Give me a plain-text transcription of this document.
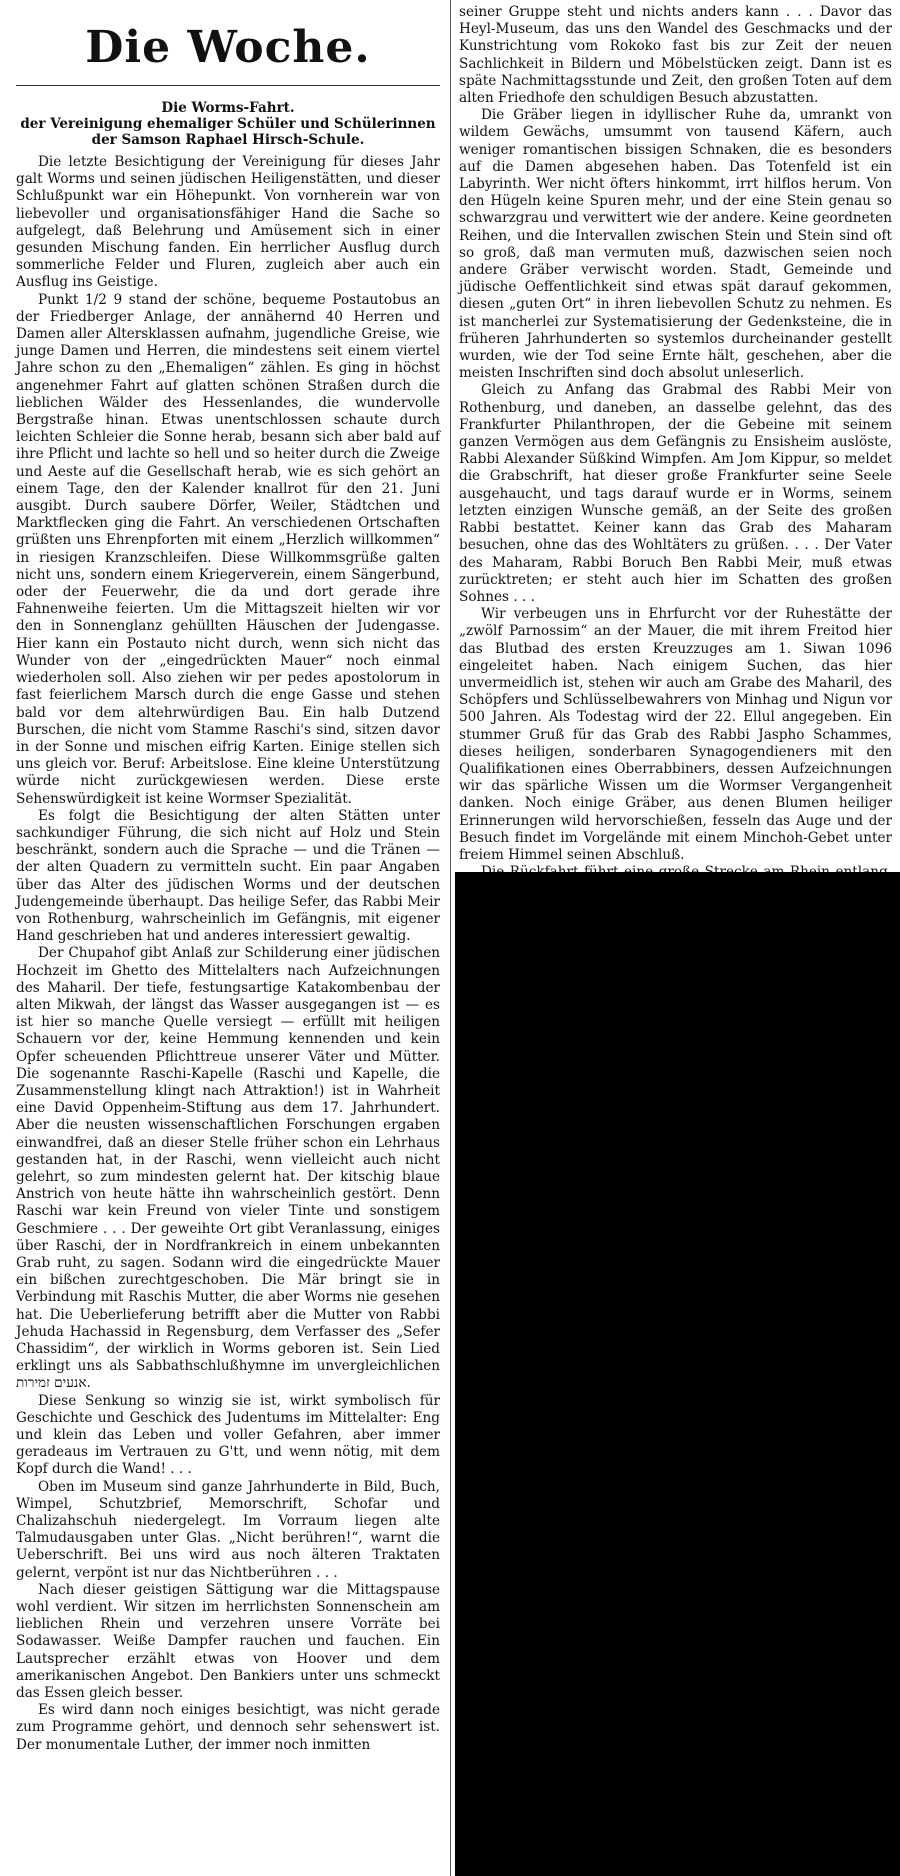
Die Woche.
Die Worms-Fahrt.
der Vereinigung ehemaliger Schüler und Schülerinnen der Samson Raphael Hirsch-Schule.

Die letzte Besichtigung der Vereinigung für dieses Jahr galt Worms und seinen jüdischen Heiligenstätten, und dieser Schlußpunkt war ein Höhepunkt. Von vornherein war von liebevoller und organisationsfähiger Hand die Sache so aufgelegt, daß Belehrung und Amüsement sich in einer gesunden Mischung fanden. Ein herrlicher Ausflug durch sommerliche Felder und Fluren, zugleich aber auch ein Ausflug ins Geistige.

Punkt 1/2 9 stand der schöne, bequeme Postautobus an der Friedberger Anlage, der annähernd 40 Herren und Damen aller Altersklassen aufnahm, jugendliche Greise, wie junge Damen und Herren, die mindestens seit einem viertel Jahre schon zu den „Ehemaligen“ zählen. Es ging in höchst angenehmer Fahrt auf glatten schönen Straßen durch die lieblichen Wälder des Hessenlandes, die wundervolle Bergstraße hinan. Etwas unentschlossen schaute durch leichten Schleier die Sonne herab, besann sich aber bald auf ihre Pflicht und lachte so hell und so heiter durch die Zweige und Aeste auf die Gesellschaft herab, wie es sich gehört an einem Tage, den der Kalender knallrot für den 21. Juni ausgibt. Durch saubere Dörfer, Weiler, Städtchen und Marktflecken ging die Fahrt. An verschiedenen Ortschaften grüßten uns Ehrenpforten mit einem „Herzlich willkommen“ in riesigen Kranzschleifen. Diese Willkommsgrüße galten nicht uns, sondern einem Kriegerverein, einem Sängerbund, oder der Feuerwehr, die da und dort gerade ihre Fahnenweihe feierten. Um die Mittagszeit hielten wir vor den in Sonnenglanz gehüllten Häuschen der Judengasse. Hier kann ein Postauto nicht durch, wenn sich nicht das Wunder von der „eingedrückten Mauer“ noch einmal wiederholen soll. Also ziehen wir per pedes apostolorum in fast feierlichem Marsch durch die enge Gasse und stehen bald vor dem altehrwürdigen Bau. Ein halb Dutzend Burschen, die nicht vom Stamme Raschi's sind, sitzen davor in der Sonne und mischen eifrig Karten. Einige stellen sich uns gleich vor. Beruf: Arbeitslose. Eine kleine Unterstützung würde nicht zurückgewiesen werden. Diese erste Sehenswürdigkeit ist keine Wormser Spezialität.

Es folgt die Besichtigung der alten Stätten unter sachkundiger Führung, die sich nicht auf Holz und Stein beschränkt, sondern auch die Sprache — und die Tränen — der alten Quadern zu vermitteln sucht. Ein paar Angaben über das Alter des jüdischen Worms und der deutschen Judengemeinde überhaupt. Das heilige Sefer, das Rabbi Meir von Rothenburg, wahrscheinlich im Gefängnis, mit eigener Hand geschrieben hat und anderes interessiert gewaltig.

Der Chupahof gibt Anlaß zur Schilderung einer jüdischen Hochzeit im Ghetto des Mittelalters nach Aufzeichnungen des Maharil. Der tiefe, festungsartige Katakombenbau der alten Mikwah, der längst das Wasser ausgegangen ist — es ist hier so manche Quelle versiegt — erfüllt mit heiligen Schauern vor der, keine Hemmung kennenden und kein Opfer scheuenden Pflichttreue unserer Väter und Mütter. Die sogenannte Raschi-Kapelle (Raschi und Kapelle, die Zusammenstellung klingt nach Attraktion!) ist in Wahrheit eine David Oppenheim-Stiftung aus dem 17. Jahrhundert. Aber die neusten wissenschaftlichen Forschungen ergaben einwandfrei, daß an dieser Stelle früher schon ein Lehrhaus gestanden hat, in der Raschi, wenn vielleicht auch nicht gelehrt, so zum mindesten gelernt hat. Der kitschig blaue Anstrich von heute hätte ihn wahrscheinlich gestört. Denn Raschi war kein Freund von vieler Tinte und sonstigem Geschmiere . . . Der geweihte Ort gibt Veranlassung, einiges über Raschi, der in Nordfrankreich in einem unbekannten Grab ruht, zu sagen. Sodann wird die eingedrückte Mauer ein bißchen zurechtgeschoben. Die Mär bringt sie in Verbindung mit Raschis Mutter, die aber Worms nie gesehen hat. Die Ueberlieferung betrifft aber die Mutter von Rabbi Jehuda Hachassid in Regensburg, dem Verfasser des „Sefer Chassidim“, der wirklich in Worms geboren ist. Sein Lied erklingt uns als Sabbathschlußhymne im unvergleichlichen אנעים זמירות.

Diese Senkung so winzig sie ist, wirkt symbolisch für Geschichte und Geschick des Judentums im Mittelalter: Eng und klein das Leben und voller Gefahren, aber immer geradeaus im Vertrauen zu G'tt, und wenn nötig, mit dem Kopf durch die Wand! . . .

Oben im Museum sind ganze Jahrhunderte in Bild, Buch, Wimpel, Schutzbrief, Memorschrift, Schofar und Chalizahschuh niedergelegt. Im Vorraum liegen alte Talmudausgaben unter Glas. „Nicht berühren!“, warnt die Ueberschrift. Bei uns wird aus noch älteren Traktaten gelernt, verpönt ist nur das Nichtberühren . . .

Nach dieser geistigen Sättigung war die Mittagspause wohl verdient. Wir sitzen im herrlichsten Sonnenschein am lieblichen Rhein und verzehren unsere Vorräte bei Sodawasser. Weiße Dampfer rauchen und fauchen. Ein Lautsprecher erzählt etwas von Hoover und dem amerikanischen Angebot. Den Bankiers unter uns schmeckt das Essen gleich besser.

Es wird dann noch einiges besichtigt, was nicht gerade zum Programme gehört, und dennoch sehr sehenswert ist. Der monumentale Luther, der immer noch inmitten

seiner Gruppe steht und nichts anders kann . . . Davor das Heyl-Museum, das uns den Wandel des Geschmacks und der Kunstrichtung vom Rokoko fast bis zur Zeit der neuen Sachlichkeit in Bildern und Möbelstücken zeigt. Dann ist es späte Nachmittagsstunde und Zeit, den großen Toten auf dem alten Friedhofe den schuldigen Besuch abzustatten.

Die Gräber liegen in idyllischer Ruhe da, umrankt von wildem Gewächs, umsummt von tausend Käfern, auch weniger romantischen bissigen Schnaken, die es besonders auf die Damen abgesehen haben. Das Totenfeld ist ein Labyrinth. Wer nicht öfters hinkommt, irrt hilflos herum. Von den Hügeln keine Spuren mehr, und der eine Stein genau so schwarzgrau und verwittert wie der andere. Keine geordneten Reihen, und die Intervallen zwischen Stein und Stein sind oft so groß, daß man vermuten muß, dazwischen seien noch andere Gräber verwischt worden. Stadt, Gemeinde und jüdische Oeffentlichkeit sind etwas spät darauf gekommen, diesen „guten Ort“ in ihren liebevollen Schutz zu nehmen. Es ist mancherlei zur Systematisierung der Gedenksteine, die in früheren Jahrhunderten so systemlos durcheinander gestellt wurden, wie der Tod seine Ernte hält, geschehen, aber die meisten Inschriften sind doch absolut unleserlich.

Gleich zu Anfang das Grabmal des Rabbi Meir von Rothenburg, und daneben, an dasselbe gelehnt, das des Frankfurter Philanthropen, der die Gebeine mit seinem ganzen Vermögen aus dem Gefängnis zu Ensisheim auslöste, Rabbi Alexander Süßkind Wimpfen. Am Jom Kippur, so meldet die Grabschrift, hat dieser große Frankfurter seine Seele ausgehaucht, und tags darauf wurde er in Worms, seinem letzten einzigen Wunsche gemäß, an der Seite des großen Rabbi bestattet. Keiner kann das Grab des Maharam besuchen, ohne das des Wohltäters zu grüßen. . . . Der Vater des Maharam, Rabbi Boruch Ben Rabbi Meir, muß etwas zurücktreten; er steht auch hier im Schatten des großen Sohnes . . .

Wir verbeugen uns in Ehrfurcht vor der Ruhestätte der „zwölf Parnossim“ an der Mauer, die mit ihrem Freitod hier das Blutbad des ersten Kreuzzuges am 1. Siwan 1096 eingeleitet haben. Nach einigem Suchen, das hier unvermeidlich ist, stehen wir auch am Grabe des Maharil, des Schöpfers und Schlüsselbewahrers von Minhag und Nigun vor 500 Jahren. Als Todestag wird der 22. Ellul angegeben. Ein stummer Gruß für das Grab des Rabbi Jaspho Schammes, dieses heiligen, sonderbaren Synagogendieners mit den Qualifikationen eines Oberrabbiners, dessen Aufzeichnungen wir das spärliche Wissen um die Wormser Vergangenheit danken. Noch einige Gräber, aus denen Blumen heiliger Erinnerungen wild hervorschießen, fesseln das Auge und der Besuch findet im Vorgelände mit einem Minchoh-Gebet unter freiem Himmel seinen Abschluß.
